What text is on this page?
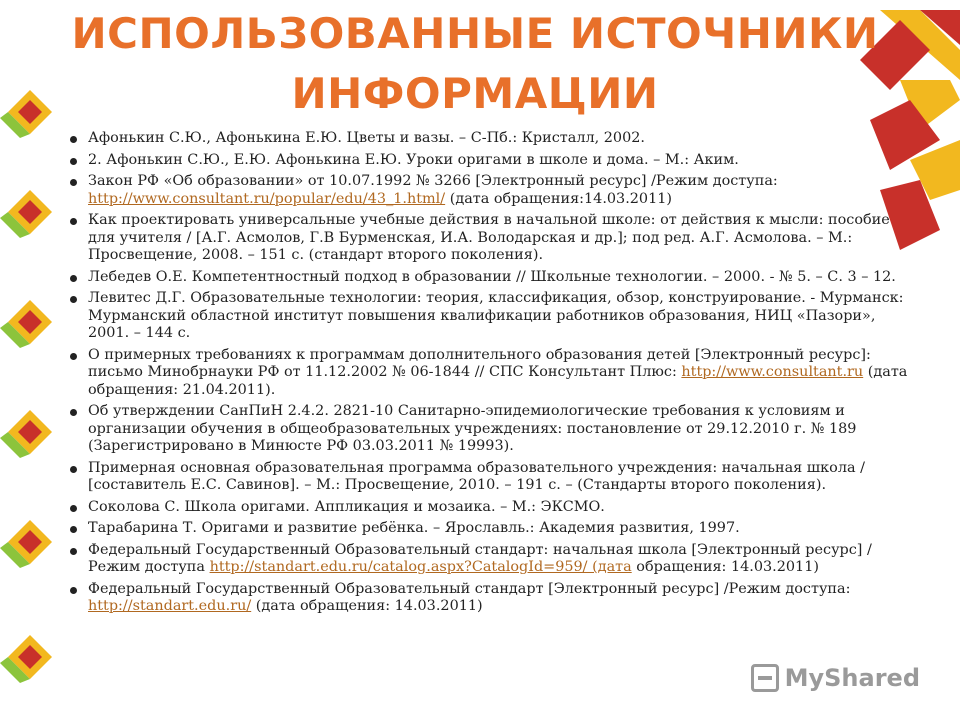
ИСПОЛЬЗОВАННЫЕ ИСТОЧНИКИ
ИНФОРМАЦИИ
Афонькин С.Ю., Афонькина Е.Ю. Цветы и вазы. – С-Пб.: Кристалл, 2002.
2. Афонькин С.Ю., Е.Ю. Афонькина Е.Ю. Уроки оригами в школе и дома. – М.: Аким.
Закон РФ «Об образовании» от 10.07.1992 № 3266 [Электронный ресурс] /Режим доступа: http://www.consultant.ru/popular/edu/43_1.html/ (дата обращения:14.03.2011)
Как проектировать универсальные учебные действия в начальной школе: от действия к мысли: пособие для учителя / [А.Г. Асмолов, Г.В Бурменская, И.А. Володарская и др.]; под ред. А.Г. Асмолова. – М.: Просвещение, 2008. – 151 с. (стандарт второго поколения).
Лебедев О.Е. Компетентностный подход в образовании // Школьные технологии. – 2000. - № 5. – С. 3 – 12.
Левитес Д.Г. Образовательные технологии: теория, классификация, обзор, конструирование. - Мурманск: Мурманский областной институт повышения квалификации работников образования, НИЦ «Пазори», 2001. – 144 с.
О примерных требованиях к программам дополнительного образования детей [Электронный ресурс]: письмо Минобрнауки РФ от 11.12.2002 № 06-1844 // СПС Консультант Плюс: http://www.consultant.ru (дата обращения: 21.04.2011).
Об утверждении СанПиН 2.4.2. 2821-10 Санитарно-эпидемиологические требования к условиям и организации обучения в общеобразовательных учреждениях: постановление от 29.12.2010 г. № 189 (Зарегистрировано в Минюсте РФ 03.03.2011 № 19993).
Примерная основная образовательная программа образовательного учреждения: начальная школа / [составитель Е.С. Савинов]. – М.: Просвещение, 2010. – 191 с. – (Стандарты второго поколения).
Соколова С. Школа оригами. Аппликация и мозаика. – М.: ЭКСМО.
Тарабарина Т. Оригами и развитие ребёнка. – Ярославль.: Академия развития, 1997.
Федеральный Государственный Образовательный стандарт: начальная школа [Электронный ресурс] /Режим доступа http://standart.edu.ru/catalog.aspx?CatalogId=959/ (дата обращения: 14.03.2011)
Федеральный Государственный Образовательный стандарт [Электронный ресурс] /Режим доступа: http://standart.edu.ru/ (дата обращения: 14.03.2011)
MyShared
